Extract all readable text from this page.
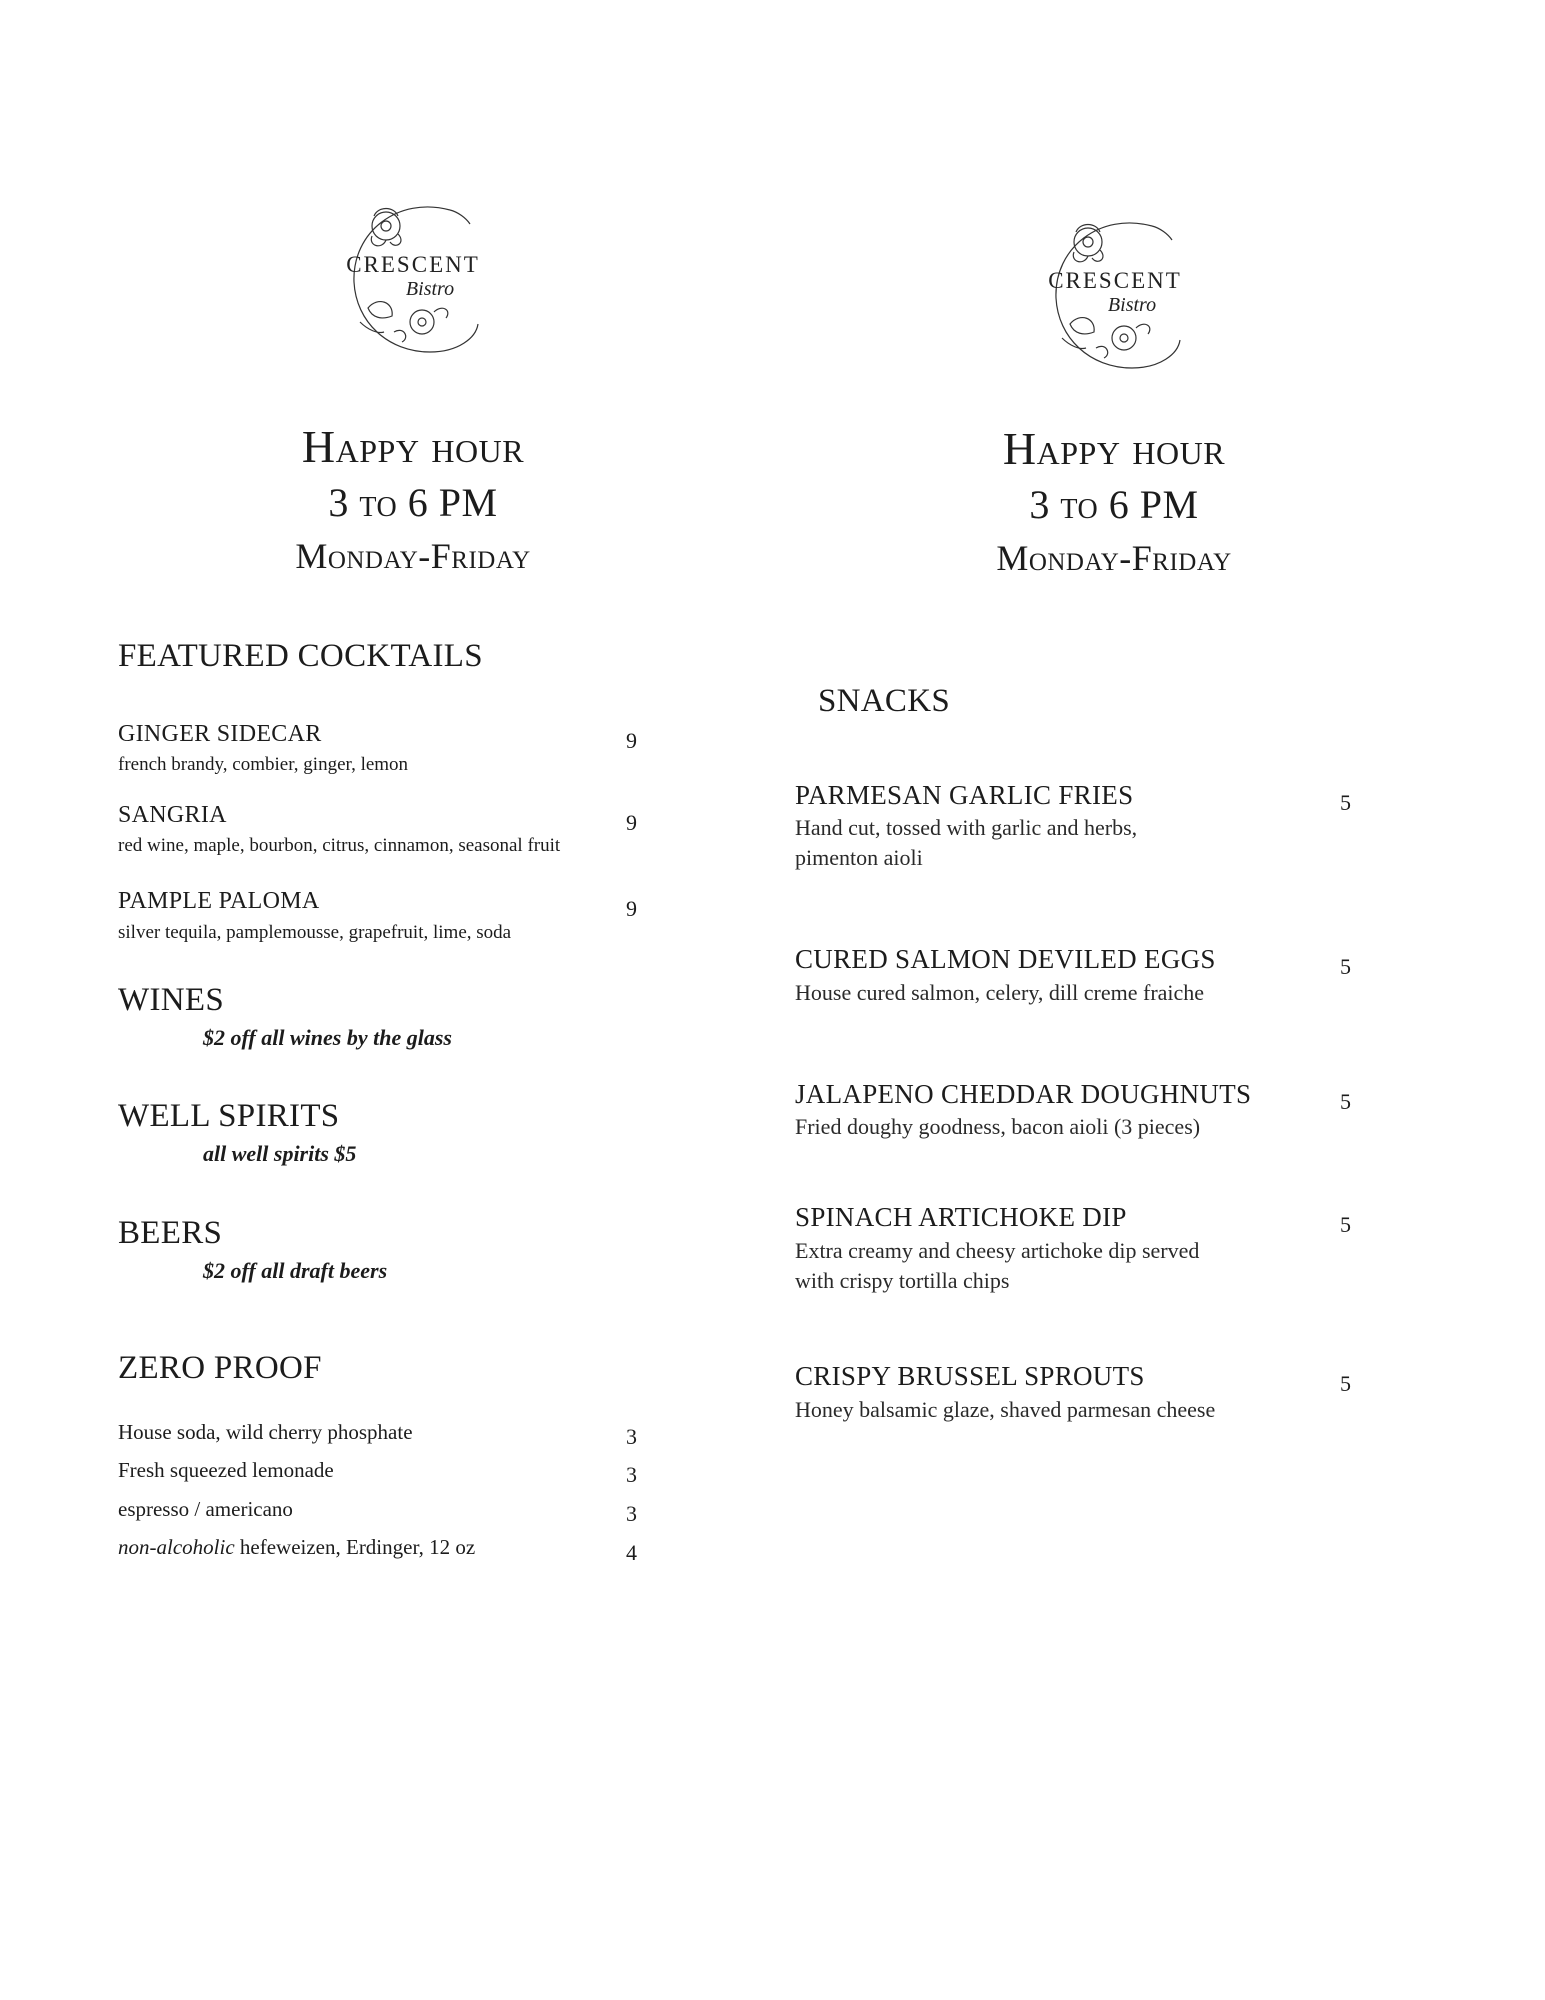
CRESCENT
Bistro	CRESCENT
Bistro
Happy hour
3 to 6 PM
Monday-Friday
Happy hour
3 to 6 PM
Monday-Friday
FEATURED COCKTAILS
GINGER SIDECAR	9
french brandy, combier, ginger, lemon
SANGRIA	9
red wine, maple, bourbon, citrus, cinnamon, seasonal fruit
PAMPLE PALOMA	9
silver tequila, pamplemousse, grapefruit, lime, soda
WINES
$2 off all wines by the glass
WELL SPIRITS
all well spirits $5
BEERS
$2 off all draft beers
ZERO PROOF
House soda, wild cherry phosphate	3
Fresh squeezed lemonade	3
espresso / americano	3
non-alcoholic hefeweizen, Erdinger, 12 oz	4
SNACKS
PARMESAN GARLIC FRIES	5
Hand cut, tossed with garlic and herbs,
pimenton aioli
CURED SALMON DEVILED EGGS	5
House cured salmon, celery, dill creme fraiche
JALAPENO CHEDDAR DOUGHNUTS	5
Fried doughy goodness, bacon aioli (3 pieces)
SPINACH ARTICHOKE DIP	5
Extra creamy and cheesy artichoke dip served
with crispy tortilla chips
CRISPY BRUSSEL SPROUTS	5
Honey balsamic glaze, shaved parmesan cheese
